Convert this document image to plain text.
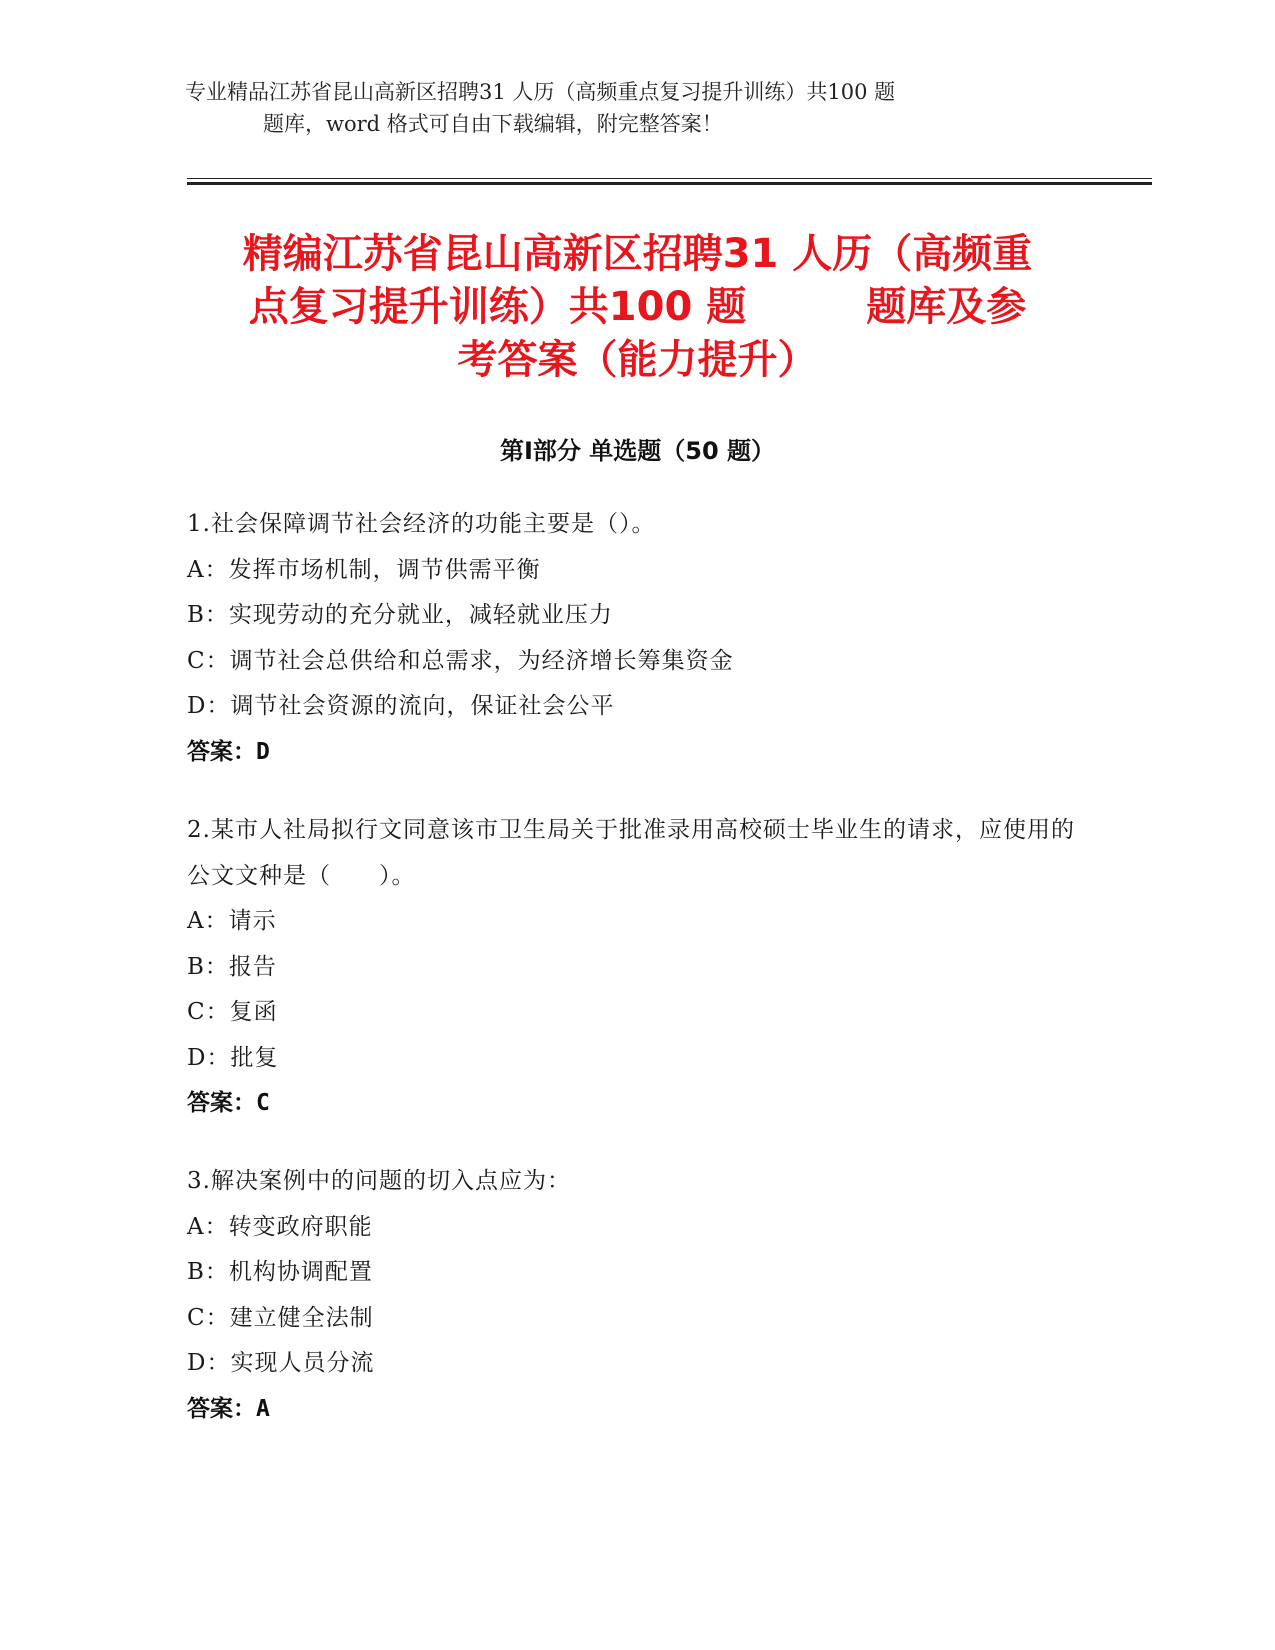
专业精品江苏省昆山高新区招聘31 人历（高频重点复习提升训练）共100 题
题库，word 格式可自由下载编辑，附完整答案！
精编江苏省昆山高新区招聘31 人历（高频重
点复习提升训练）共100 题　　　题库及参
考答案（能力提升）
第Ⅰ部分 单选题（50 题）
1.社会保障调节社会经济的功能主要是（）。
A：发挥市场机制，调节供需平衡
B：实现劳动的充分就业，减轻就业压力
C：调节社会总供给和总需求，为经济增长筹集资金
D：调节社会资源的流向，保证社会公平
答案：D
2.某市人社局拟行文同意该市卫生局关于批准录用高校硕士毕业生的请求，应使用的公文文种是（　　）。
A：请示
B：报告
C：复函
D：批复
答案：C
3.解决案例中的问题的切入点应为：
A：转变政府职能
B：机构协调配置
C：建立健全法制
D：实现人员分流
答案：A
